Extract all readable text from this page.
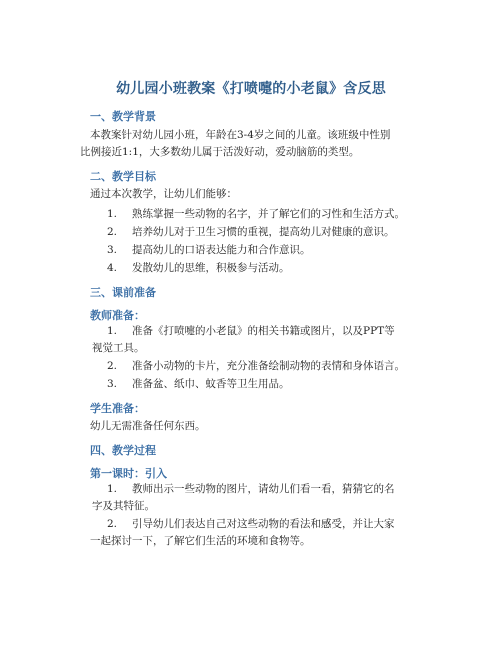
幼儿园小班教案《打喷嚏的小老鼠》含反思
一、教学背景
本教案针对幼儿园小班，年龄在3-4岁之间的儿童。该班级中性别
比例接近1:1，大多数幼儿属于活泼好动，爱动脑筋的类型。
二、教学目标
通过本次教学，让幼儿们能够：
1. 熟练掌握一些动物的名字，并了解它们的习性和生活方式。
2. 培养幼儿对于卫生习惯的重视，提高幼儿对健康的意识。
3. 提高幼儿的口语表达能力和合作意识。
4. 发散幼儿的思维，积极参与活动。
三、课前准备
教师准备：
1. 准备《打喷嚏的小老鼠》的相关书籍或图片，以及PPT等
视觉工具。
2. 准备小动物的卡片，充分准备绘制动物的表情和身体语言。
3. 准备盆、纸巾、蚊香等卫生用品。
学生准备：
幼儿无需准备任何东西。
四、教学过程
第一课时：引入
1. 教师出示一些动物的图片，请幼儿们看一看，猜猜它的名
字及其特征。
2. 引导幼儿们表达自己对这些动物的看法和感受，并让大家
一起探讨一下，了解它们生活的环境和食物等。
